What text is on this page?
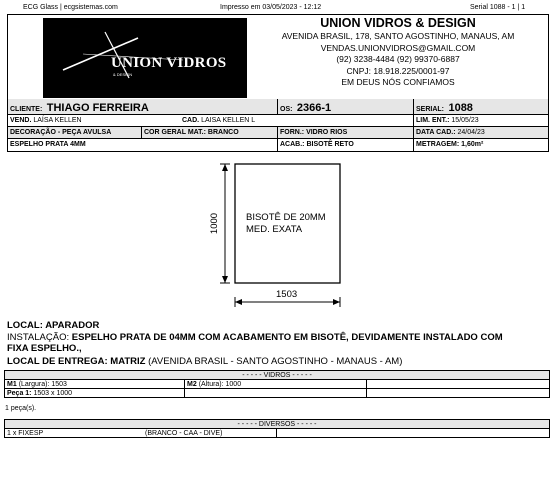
ECG Glass | ecgsistemas.com	Impresso em 03/05/2023 - 12:12	Serial 1088 - 1 | 1
UNION VIDROS
& DESIGN
UNION VIDROS & DESIGN
AVENIDA BRASIL, 178, SANTO AGOSTINHO, MANAUS, AM
VENDAS.UNIONVIDROS@GMAIL.COM
(92) 3238-4484 (92) 99370-6887
CNPJ: 18.918.225/0001-97
EM DEUS NÓS CONFIAMOS
CLIENTE: THIAGO FERREIRA	OS: 2366-1	SERIAL: 1088
VEND. LAÍSA KELLEN	CAD. LAISA KELLEN L	LIM. ENT.: 15/05/23
DECORAÇÃO - PEÇA AVULSA	COR GERAL MAT.: BRANCO	FORN.: VIDRO RIOS	DATA CAD.: 24/04/23
ESPELHO PRATA 4MM	ACAB.: BISOTÊ RETO	METRAGEM: 1,60m²
1000
1503
BISOTÊ DE 20MM
MED. EXATA
LOCAL: APARADOR
INSTALAÇÃO: ESPELHO PRATA DE 04MM COM ACABAMENTO EM BISOTÊ, DEVIDAMENTE INSTALADO COM
FIXA ESPELHO.,
LOCAL DE ENTREGA: MATRIZ (AVENIDA BRASIL - SANTO AGOSTINHO - MANAUS - AM)
- - - - - VIDROS - - - - -		
M1 (Largura): 1503	M2 (Altura): 1000	
Peça 1: 1503 x 1000		
1 peça(s).
- - - - - DIVERSOS - - - - -
1 x FIXESP	(BRANCO - CAA - DIVE)	
